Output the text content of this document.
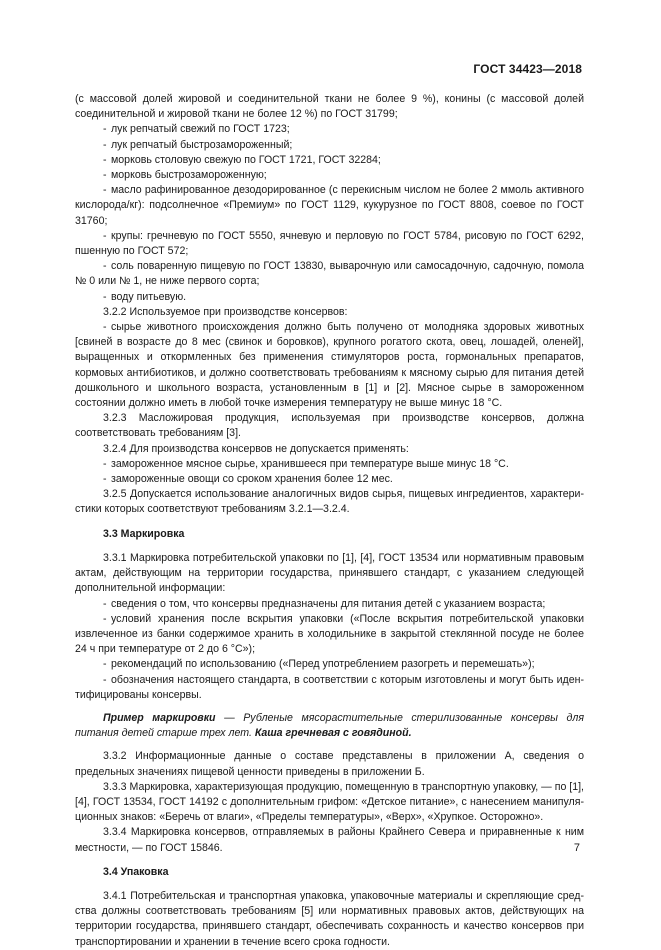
ГОСТ 34423—2018

(с массовой долей жировой и соединительной ткани не более 9 %), конины (с массовой долей соединительной и жировой ткани не более 12 %) по ГОСТ 31799;

- лук репчатый свежий по ГОСТ 1723;

- лук репчатый быстрозамороженный;

- морковь столовую свежую по ГОСТ 1721, ГОСТ 32284;

- морковь быстрозамороженную;

- масло рафинированное дезодорированное (с перекисным числом не более 2 ммоль активного кислорода/кг): подсолнечное «Премиум» по ГОСТ 1129, кукурузное по ГОСТ 8808, соевое по ГОСТ 31760;

- крупы: гречневую по ГОСТ 5550, ячневую и перловую по ГОСТ 5784, рисовую по ГОСТ 6292, пшенную по ГОСТ 572;

- соль поваренную пищевую по ГОСТ 13830, выварочную или самосадочную, садочную, помола № 0 или № 1, не ниже первого сорта;

- воду питьевую.

3.2.2 Используемое при производстве консервов:

- сырье животного происхождения должно быть получено от молодняка здоровых животных [свиней в возрасте до 8 мес (свинок и боровков), крупного рогатого скота, овец, лошадей, оленей], выращенных и откормленных без применения стимуляторов роста, гормональных препаратов, кормовых антибиотиков, и должно соответствовать требованиям к мясному сырью для питания детей дошкольного и школьного возраста, установленным в [1] и [2]. Мясное сырье в замороженном состоянии должно иметь в любой точке измерения температуру не выше минус 18 °С.

3.2.3 Масложировая продукция, используемая при производстве консервов, должна соответствовать требованиям [3].

3.2.4 Для производства консервов не допускается применять:

- замороженное мясное сырье, хранившееся при температуре выше минус 18 °С.

- замороженные овощи со сроком хранения более 12 мес.

3.2.5 Допускается использование аналогичных видов сырья, пищевых ингредиентов, характеристики которых соответствуют требованиям 3.2.1—3.2.4.

3.3 Маркировка

3.3.1 Маркировка потребительской упаковки по [1], [4], ГОСТ 13534 или нормативным правовым актам, действующим на территории государства, принявшего стандарт, с указанием следующей дополнительной информации:

- сведения о том, что консервы предназначены для питания детей с указанием возраста;

- условий хранения после вскрытия упаковки («После вскрытия потребительской упаковки извлеченное из банки содержимое хранить в холодильнике в закрытой стеклянной посуде не более 24 ч при температуре от 2 до 6 °С»);

- рекомендаций по использованию («Перед употреблением разогреть и перемешать»);

- обозначения настоящего стандарта, в соответствии с которым изготовлены и могут быть идентифицированы консервы.

Пример маркировки — Рубленые мясорастительные стерилизованные консервы для питания детей старше трех лет. Каша гречневая с говядиной.

3.3.2 Информационные данные о составе представлены в приложении А, сведения о предельных значениях пищевой ценности приведены в приложении Б.

3.3.3 Маркировка, характеризующая продукцию, помещенную в транспортную упаковку, — по [1], [4], ГОСТ 13534, ГОСТ 14192 с дополнительным грифом: «Детское питание», с нанесением манипуляционных знаков: «Беречь от влаги», «Пределы температуры», «Верх», «Хрупкое. Осторожно».

3.3.4 Маркировка консервов, отправляемых в районы Крайнего Севера и приравненные к ним местности, — по ГОСТ 15846.

3.4 Упаковка

3.4.1 Потребительская и транспортная упаковка, упаковочные материалы и скрепляющие средства должны соответствовать требованиям [5] или нормативных правовых актов, действующих на территории государства, принявшего стандарт, обеспечивать сохранность и качество консервов при транспортировании и хранении в течение всего срока годности.

7
